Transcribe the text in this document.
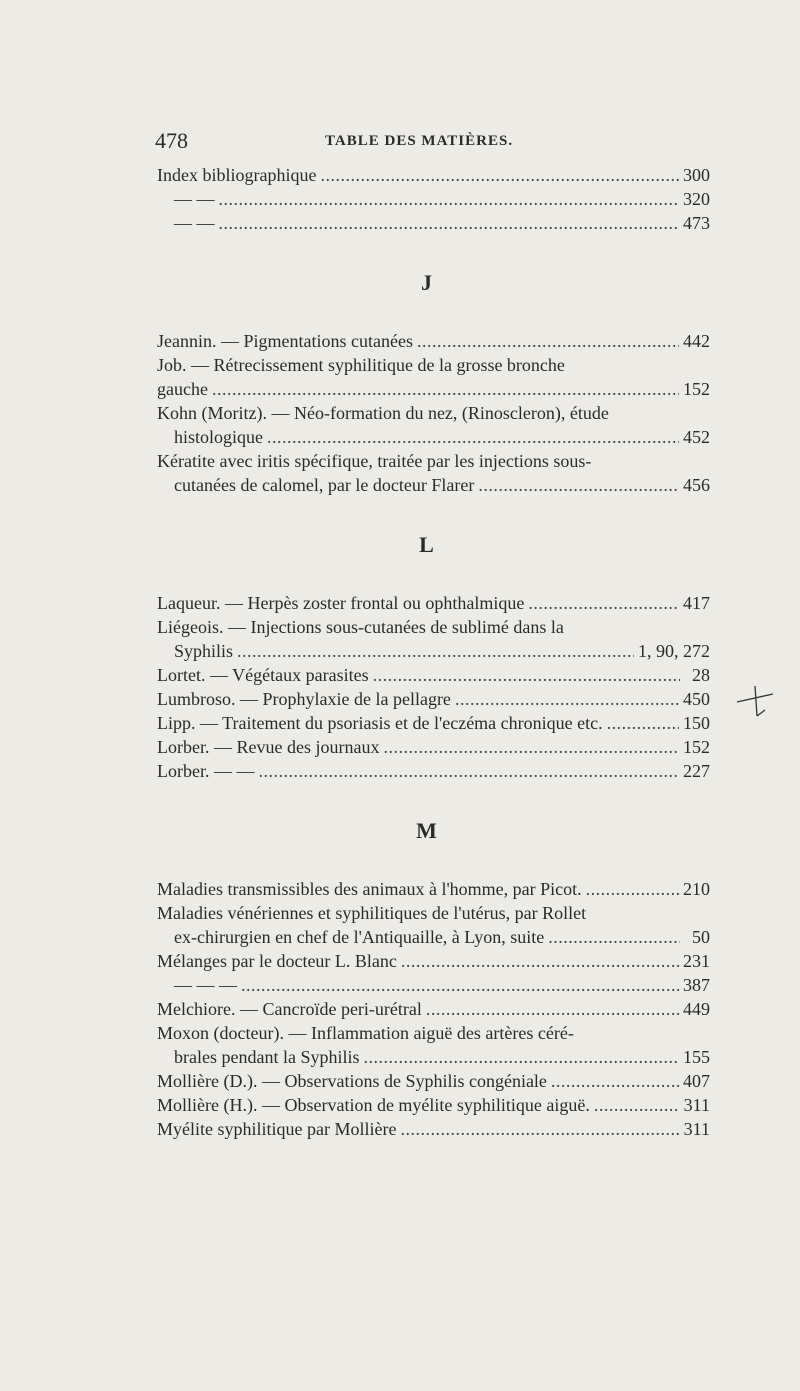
478	TABLE DES MATIÈRES.
Index bibliographique . . .	300
— — . . .	320
— — . . .	473
J
Jeannin. — Pigmentations cutanées . . .	442
Job. — Rétrecissement syphilitique de la grosse bronche
gauche . . .	152
Kohn (Moritz). — Néo-formation du nez, (Rinoscleron), étude
histologique . . .	452
Kératite avec iritis spécifique, traitée par les injections sous-
cutanées de calomel, par le docteur Flarer . . .	456
L
Laqueur. — Herpès zoster frontal ou ophthalmique . . .	417
Liégeois. — Injections sous-cutanées de sublimé dans la
Syphilis . . .	1, 90, 272
Lortet. — Végétaux parasites . . .	28
Lumbroso. — Prophylaxie de la pellagre . . .	450
Lipp. — Traitement du psoriasis et de l'eczéma chronique etc. . . .	150
Lorber. — Revue des journaux . . .	152
Lorber. — — . . .	227
M
Maladies transmissibles des animaux à l'homme, par Picot. . . .	210
Maladies vénériennes et syphilitiques de l'utérus, par Rollet
ex-chirurgien en chef de l'Antiquaille, à Lyon, suite . . .	50
Mélanges par le docteur L. Blanc . . .	231
— — — . . .	387
Melchiore. — Cancroïde peri-urétral . . .	449
Moxon (docteur). — Inflammation aiguë des artères céré-
brales pendant la Syphilis . . .	155
Mollière (D.). — Observations de Syphilis congéniale . . .	407
Mollière (H.). — Observation de myélite syphilitique aiguë. . . .	311
Myélite syphilitique par Mollière . . .	311
